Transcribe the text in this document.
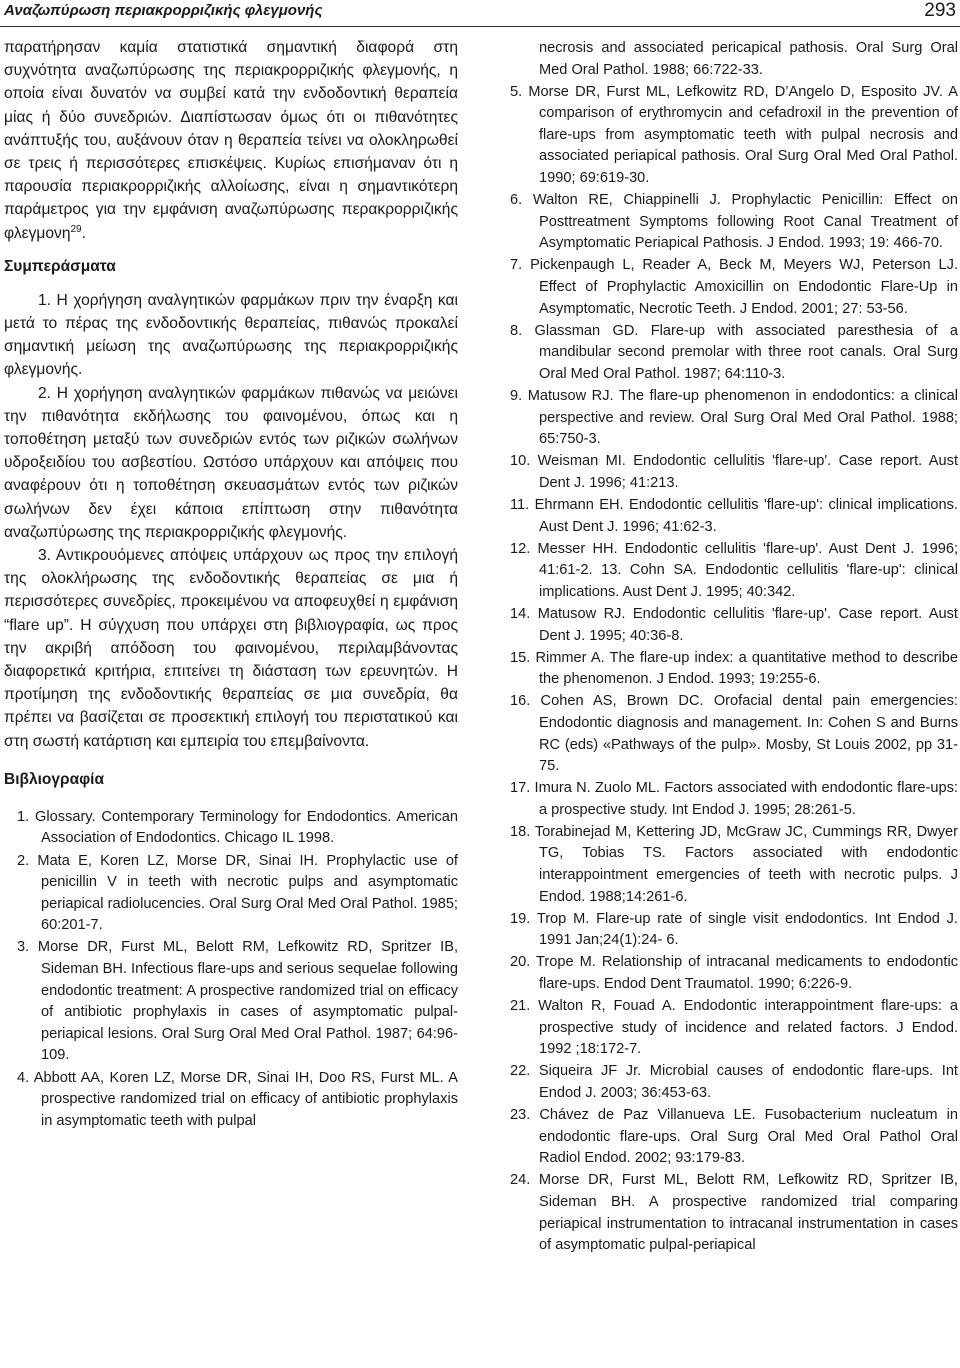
Αναζωπύρωση περιακρορριζικής φλεγμονής	293

παρατήρησαν καμία στατιστικά σημαντική διαφορά στη συχνότητα αναζωπύρωσης της περιακρορριζικής φλεγμονής, η οποία είναι δυνατόν να συμβεί κατά την ενδοδοντική θεραπεία μίας ή δύο συνεδριών. Διαπίστωσαν όμως ότι οι πιθανότητες ανάπτυξής του, αυξάνουν όταν η θεραπεία τείνει να ολοκληρωθεί σε τρεις ή περισσότερες επισκέψεις. Κυρίως επισήμαναν ότι η παρουσία περιακρορριζικής αλλοίωσης, είναι η σημαντικότερη παράμετρος για την εμφάνιση αναζωπύρωσης περακρορριζικής φλεγμονη$^{29}$.

Συμπεράσματα

1. Η χορήγηση αναλγητικών φαρμάκων πριν την έναρξη και μετά το πέρας της ενδοδοντικής θεραπείας, πιθανώς προκαλεί σημαντική μείωση της αναζωπύρωσης της περιακρορριζικής φλεγμονής.

2. Η χορήγηση αναλγητικών φαρμάκων πιθανώς να μειώνει την πιθανότητα εκδήλωσης του φαινομένου, όπως και η τοποθέτηση μεταξύ των συνεδριών εντός των ριζικών σωλήνων υδροξειδίου του ασβεστίου. Ωστόσο υπάρχουν και απόψεις που αναφέρουν ότι η τοποθέτηση σκευασμάτων εντός των ριζικών σωλήνων δεν έχει κάποια επίπτωση στην πιθανότητα αναζωπύρωσης της περιακρορριζικής φλεγμονής.

3. Αντικρουόμενες απόψεις υπάρχουν ως προς την επιλογή της ολοκλήρωσης της ενδοδοντικής θεραπείας σε μια ή περισσότερες συνεδρίες, προκειμένου να αποφευχθεί η εμφάνιση “flare up”. Η σύγχυση που υπάρχει στη βιβλιογραφία, ως προς την ακριβή απόδοση του φαινομένου, περιλαμβάνοντας διαφορετικά κριτήρια, επιτείνει τη διάσταση των ερευνητών. Η προτίμηση της ενδοδοντικής θεραπείας σε μια συνεδρία, θα πρέπει να βασίζεται σε προσεκτική επιλογή του περιστατικού και στη σωστή κατάρτιση και εμπειρία του επεμβαίνοντα.

Βιβλιογραφία
1. Glossary. Contemporary Terminology for Endodontics. American Association of Endodontics. Chicago IL 1998.
2. Mata E, Koren LZ, Morse DR, Sinai IH. Prophylactic use of penicillin V in teeth with necrotic pulps and asymptomatic periapical radiolucencies. Oral Surg Oral Med Oral Pathol. 1985; 60:201-7.
3. Morse DR, Furst ML, Belott RM, Lefkowitz RD, Spritzer IB, Sideman BH. Infectious flare-ups and serious sequelae following endodontic treatment: A prospective randomized trial on efficacy of antibiotic prophylaxis in cases of asymptomatic pulpal-periapical lesions. Oral Surg Oral Med Oral Pathol. 1987; 64:96-109.
4. Abbott AA, Koren LZ, Morse DR, Sinai IH, Doo RS, Furst ML. A prospective randomized trial on efficacy of antibiotic prophylaxis in asymptomatic teeth with pulpal
necrosis and associated pericapical pathosis. Oral Surg Oral Med Oral Pathol. 1988; 66:722-33.
5. Morse DR, Furst ML, Lefkowitz RD, D’Angelo D, Esposito JV. A comparison of erythromycin and cefadroxil in the prevention of flare-ups from asymptomatic teeth with pulpal necrosis and associated periapical pathosis. Oral Surg Oral Med Oral Pathol. 1990; 69:619-30.
6. Walton RE, Chiappinelli J. Prophylactic Penicillin: Effect on Posttreatment Symptoms following Root Canal Treatment of Asymptomatic Periapical Pathosis. J Endod. 1993; 19: 466-70.
7. Pickenpaugh L, Reader A, Beck M, Meyers WJ, Peterson LJ. Effect of Prophylactic Amoxicillin on Endodontic Flare-Up in Asymptomatic, Necrotic Teeth. J Endod. 2001; 27: 53-56.
8. Glassman GD. Flare-up with associated paresthesia of a mandibular second premolar with three root canals. Oral Surg Oral Med Oral Pathol. 1987; 64:110-3.
9. Matusow RJ. The flare-up phenomenon in endodontics: a clinical perspective and review. Oral Surg Oral Med Oral Pathol. 1988; 65:750-3.
10. Weisman MI. Endodontic cellulitis 'flare-up'. Case report. Aust Dent J. 1996; 41:213.
11. Ehrmann EH. Endodontic cellulitis 'flare-up': clinical implications. Aust Dent J. 1996; 41:62-3.
12. Messer HH. Endodontic cellulitis 'flare-up'. Aust Dent J. 1996; 41:61-2. 13. Cohn SA. Endodontic cellulitis 'flare-up': clinical implications. Aust Dent J. 1995; 40:342.
14. Matusow RJ. Endodontic cellulitis 'flare-up'. Case report. Aust Dent J. 1995; 40:36-8.
15. Rimmer A. The flare-up index: a quantitative method to describe the phenomenon. J Endod. 1993; 19:255-6.
16. Cohen AS, Brown DC. Orofacial dental pain emergencies: Endodontic diagnosis and management. In: Cohen S and Burns RC (eds) «Pathways of the pulp». Mosby, St Louis 2002, pp 31-75.
17. Imura N. Zuolo ML. Factors associated with endodontic flare-ups: a prospective study. Int Endod J. 1995; 28:261-5.
18. Torabinejad M, Kettering JD, McGraw JC, Cummings RR, Dwyer TG, Tobias TS. Factors associated with endodontic interappointment emergencies of teeth with necrotic pulps. J Endod. 1988;14:261-6.
19. Trop M. Flare-up rate of single visit endodontics. Int Endod J. 1991 Jan;24(1):24- 6.
20. Trope M. Relationship of intracanal medicaments to endodontic flare-ups. Endod Dent Traumatol. 1990; 6:226-9.
21. Walton R, Fouad A. Endodontic interappointment flare-ups: a prospective study of incidence and related factors. J Endod. 1992 ;18:172-7.
22. Siqueira JF Jr. Microbial causes of endodontic flare-ups. Int Endod J. 2003; 36:453-63.
23. Chávez de Paz Villanueva LE. Fusobacterium nucleatum in endodontic flare-ups. Oral Surg Oral Med Oral Pathol Oral Radiol Endod. 2002; 93:179-83.
24. Morse DR, Furst ML, Belott RM, Lefkowitz RD, Spritzer IB, Sideman BH. A prospective randomized trial comparing periapical instrumentation to intracanal instrumentation in cases of asymptomatic pulpal-periapical
